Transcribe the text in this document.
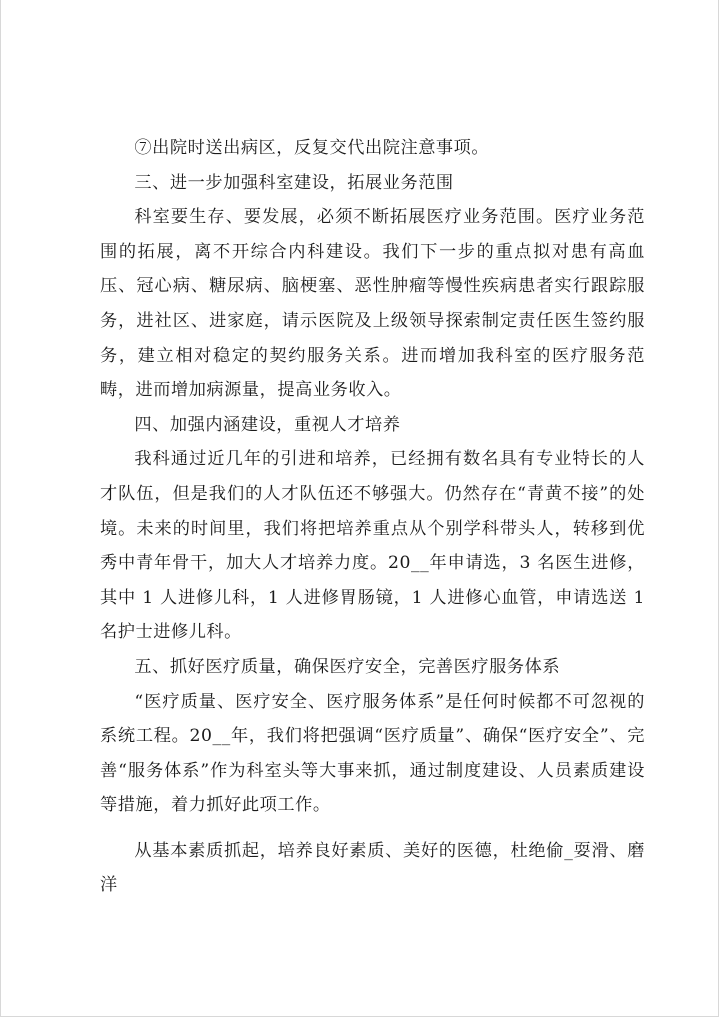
⑦出院时送出病区，反复交代出院注意事项。

三、进一步加强科室建设，拓展业务范围

科室要生存、要发展，必须不断拓展医疗业务范围。医疗业务范围的拓展，离不开综合内科建设。我们下一步的重点拟对患有高血压、冠心病、糖尿病、脑梗塞、恶性肿瘤等慢性疾病患者实行跟踪服务，进社区、进家庭，请示医院及上级领导探索制定责任医生签约服务，建立相对稳定的契约服务关系。进而增加我科室的医疗服务范畴，进而增加病源量，提高业务收入。

四、加强内涵建设，重视人才培养

我科通过近几年的引进和培养，已经拥有数名具有专业特长的人才队伍，但是我们的人才队伍还不够强大。仍然存在“青黄不接”的处境。未来的时间里，我们将把培养重点从个别学科带头人，转移到优秀中青年骨干，加大人才培养力度。20__年申请选，3 名医生进修，其中 1 人进修儿科，1 人进修胃肠镜，1 人进修心血管，申请选送 1 名护士进修儿科。

五、抓好医疗质量，确保医疗安全，完善医疗服务体系

“医疗质量、医疗安全、医疗服务体系”是任何时候都不可忽视的系统工程。20__年，我们将把强调“医疗质量”、确保“医疗安全”、完善“服务体系”作为科室头等大事来抓，通过制度建设、人员素质建设等措施，着力抓好此项工作。

从基本素质抓起，培养良好素质、美好的医德，杜绝偷_耍滑、磨洋
